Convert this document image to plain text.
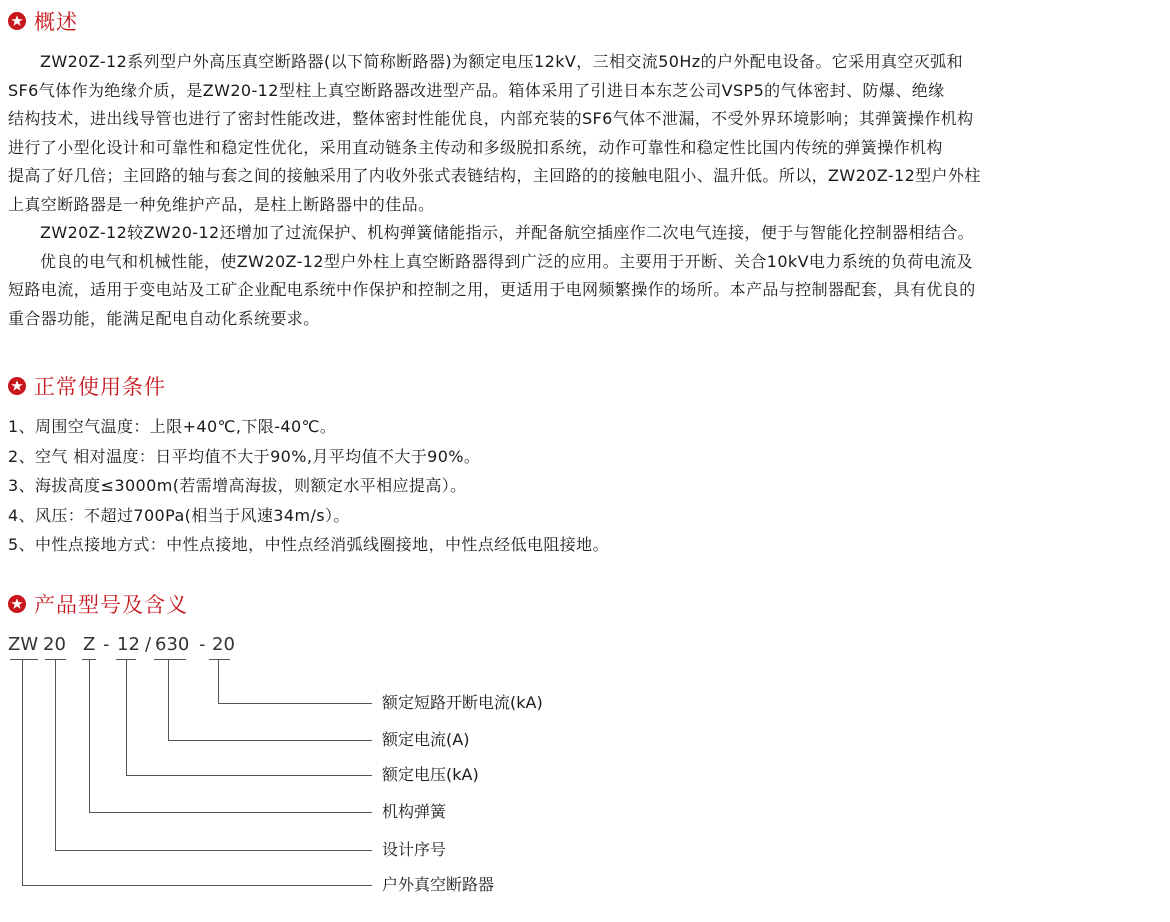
概述

ZW20Z-12系列型户外高压真空断路器(以下简称断路器)为额定电压12kV，三相交流50Hz的户外配电设备。它采用真空灭弧和

SF6气体作为绝缘介质，是ZW20-12型柱上真空断路器改进型产品。箱体采用了引进日本东芝公司VSP5的气体密封、防爆、绝缘

结构技术，进出线导管也进行了密封性能改进，整体密封性能优良，内部充装的SF6气体不泄漏，不受外界环境影响；其弹簧操作机构

进行了小型化设计和可靠性和稳定性优化，采用直动链条主传动和多级脱扣系统，动作可靠性和稳定性比国内传统的弹簧操作机构

提高了好几倍；主回路的轴与套之间的接触采用了内收外张式表链结构，主回路的的接触电阻小、温升低。所以，ZW20Z-12型户外柱

上真空断路器是一种免维护产品，是柱上断路器中的佳品。

ZW20Z-12较ZW20-12还增加了过流保护、机构弹簧储能指示，并配备航空插座作二次电气连接，便于与智能化控制器相结合。

优良的电气和机械性能，使ZW20Z-12型户外柱上真空断路器得到广泛的应用。主要用于开断、关合10kV电力系统的负荷电流及

短路电流，适用于变电站及工矿企业配电系统中作保护和控制之用，更适用于电网频繁操作的场所。本产品与控制器配套，具有优良的

重合器功能，能满足配电自动化系统要求。

正常使用条件
1、周围空气温度：上限+40℃,下限-40℃。
2、空气 相对温度：日平均值不大于90%,月平均值不大于90%。
3、海拔高度≤3000m(若需增高海拔，则额定水平相应提高）。
4、风压：不超过700Pa(相当于风速34m/s）。
5、中性点接地方式：中性点接地，中性点经消弧线圈接地，中性点经低电阻接地。
产品型号及含义
ZW 20 Z - 12 / 630 - 20
额定短路开断电流(kA)
额定电流(A)
额定电压(kA)
机构弹簧
设计序号
户外真空断路器
